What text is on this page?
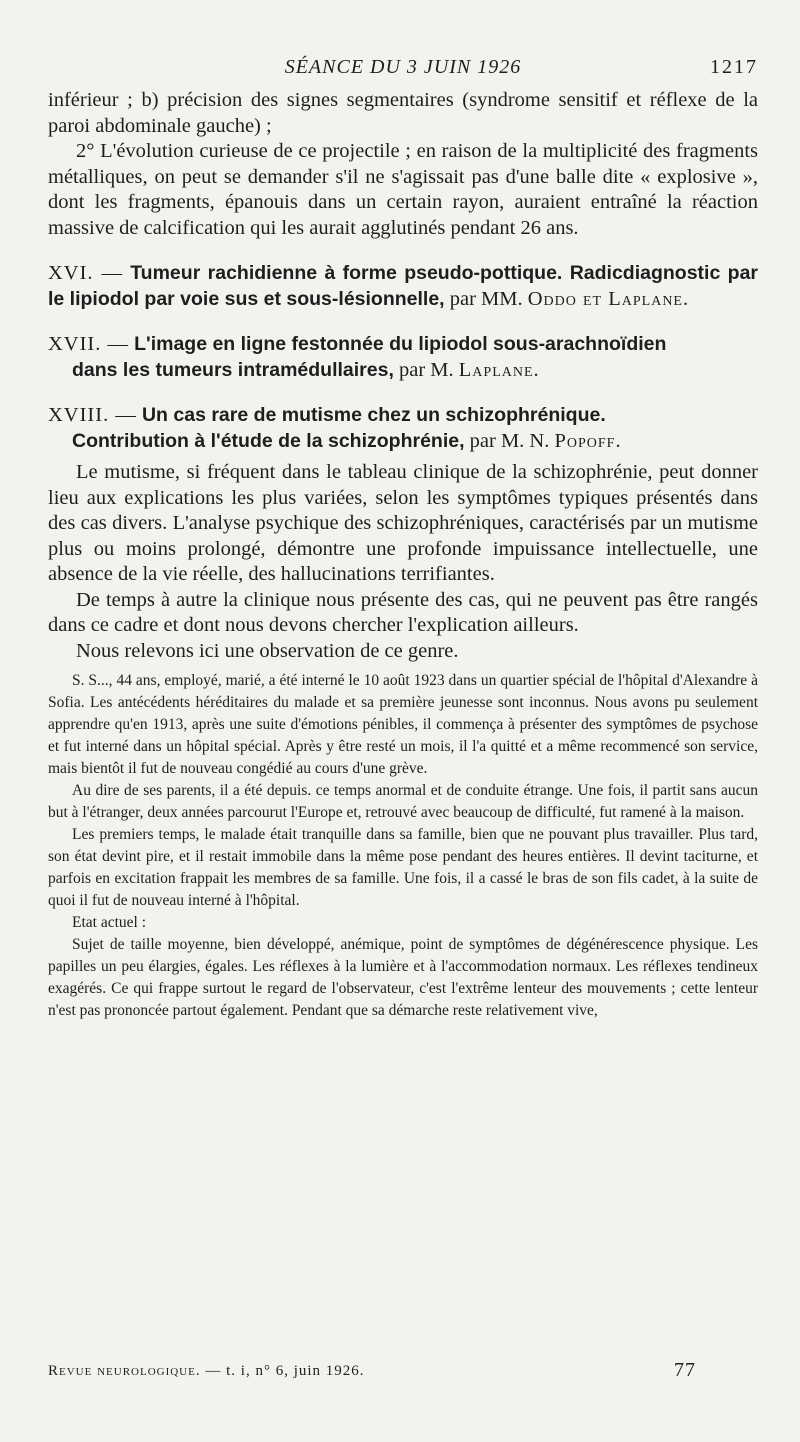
SÉANCE DU 3 JUIN 1926	1217

inférieur ; b) précision des signes segmentaires (syndrome sensitif et réflexe de la paroi abdominale gauche) ;

2° L'évolution curieuse de ce projectile ; en raison de la multiplicité des fragments métalliques, on peut se demander s'il ne s'agissait pas d'une balle dite « explosive », dont les fragments, épanouis dans un certain rayon, auraient entraîné la réaction massive de calcification qui les aurait agglutinés pendant 26 ans.

XVI. — Tumeur rachidienne à forme pseudo-pottique. Radicdiagnostic par le lipiodol par voie sus et sous-lésionnelle, par MM. Oddo et Laplane.

XVII. — L'image en ligne festonnée du lipiodol sous-arachnoïdien
dans les tumeurs intramédullaires, par M. Laplane.

XVIII. — Un cas rare de mutisme chez un schizophrénique.
Contribution à l'étude de la schizophrénie, par M. N. Popoff.

Le mutisme, si fréquent dans le tableau clinique de la schizophrénie, peut donner lieu aux explications les plus variées, selon les symptômes typiques présentés dans des cas divers. L'analyse psychique des schizophréniques, caractérisés par un mutisme plus ou moins prolongé, démontre une profonde impuissance intellectuelle, une absence de la vie réelle, des hallucinations terrifiantes.

De temps à autre la clinique nous présente des cas, qui ne peuvent pas être rangés dans ce cadre et dont nous devons chercher l'explication ailleurs.

Nous relevons ici une observation de ce genre.

S. S..., 44 ans, employé, marié, a été interné le 10 août 1923 dans un quartier spécial de l'hôpital d'Alexandre à Sofia. Les antécédents héréditaires du malade et sa première jeunesse sont inconnus. Nous avons pu seulement apprendre qu'en 1913, après une suite d'émotions pénibles, il commença à présenter des symptômes de psychose et fut interné dans un hôpital spécial. Après y être resté un mois, il l'a quitté et a même recommencé son service, mais bientôt il fut de nouveau congédié au cours d'une grève.

Au dire de ses parents, il a été depuis. ce temps anormal et de conduite étrange. Une fois, il partit sans aucun but à l'étranger, deux années parcourut l'Europe et, retrouvé avec beaucoup de difficulté, fut ramené à la maison.

Les premiers temps, le malade était tranquille dans sa famille, bien que ne pouvant plus travailler. Plus tard, son état devint pire, et il restait immobile dans la même pose pendant des heures entières. Il devint taciturne, et parfois en excitation frappait les membres de sa famille. Une fois, il a cassé le bras de son fils cadet, à la suite de quoi il fut de nouveau interné à l'hôpital.

Etat actuel :

Sujet de taille moyenne, bien développé, anémique, point de symptômes de dégénérescence physique. Les papilles un peu élargies, égales. Les réflexes à la lumière et à l'accommodation normaux. Les réflexes tendineux exagérés. Ce qui frappe surtout le regard de l'observateur, c'est l'extrême lenteur des mouvements ; cette lenteur n'est pas prononcée partout également. Pendant que sa démarche reste relativement vive,

Revue neurologique. — t. i, n° 6, juin 1926.	77
